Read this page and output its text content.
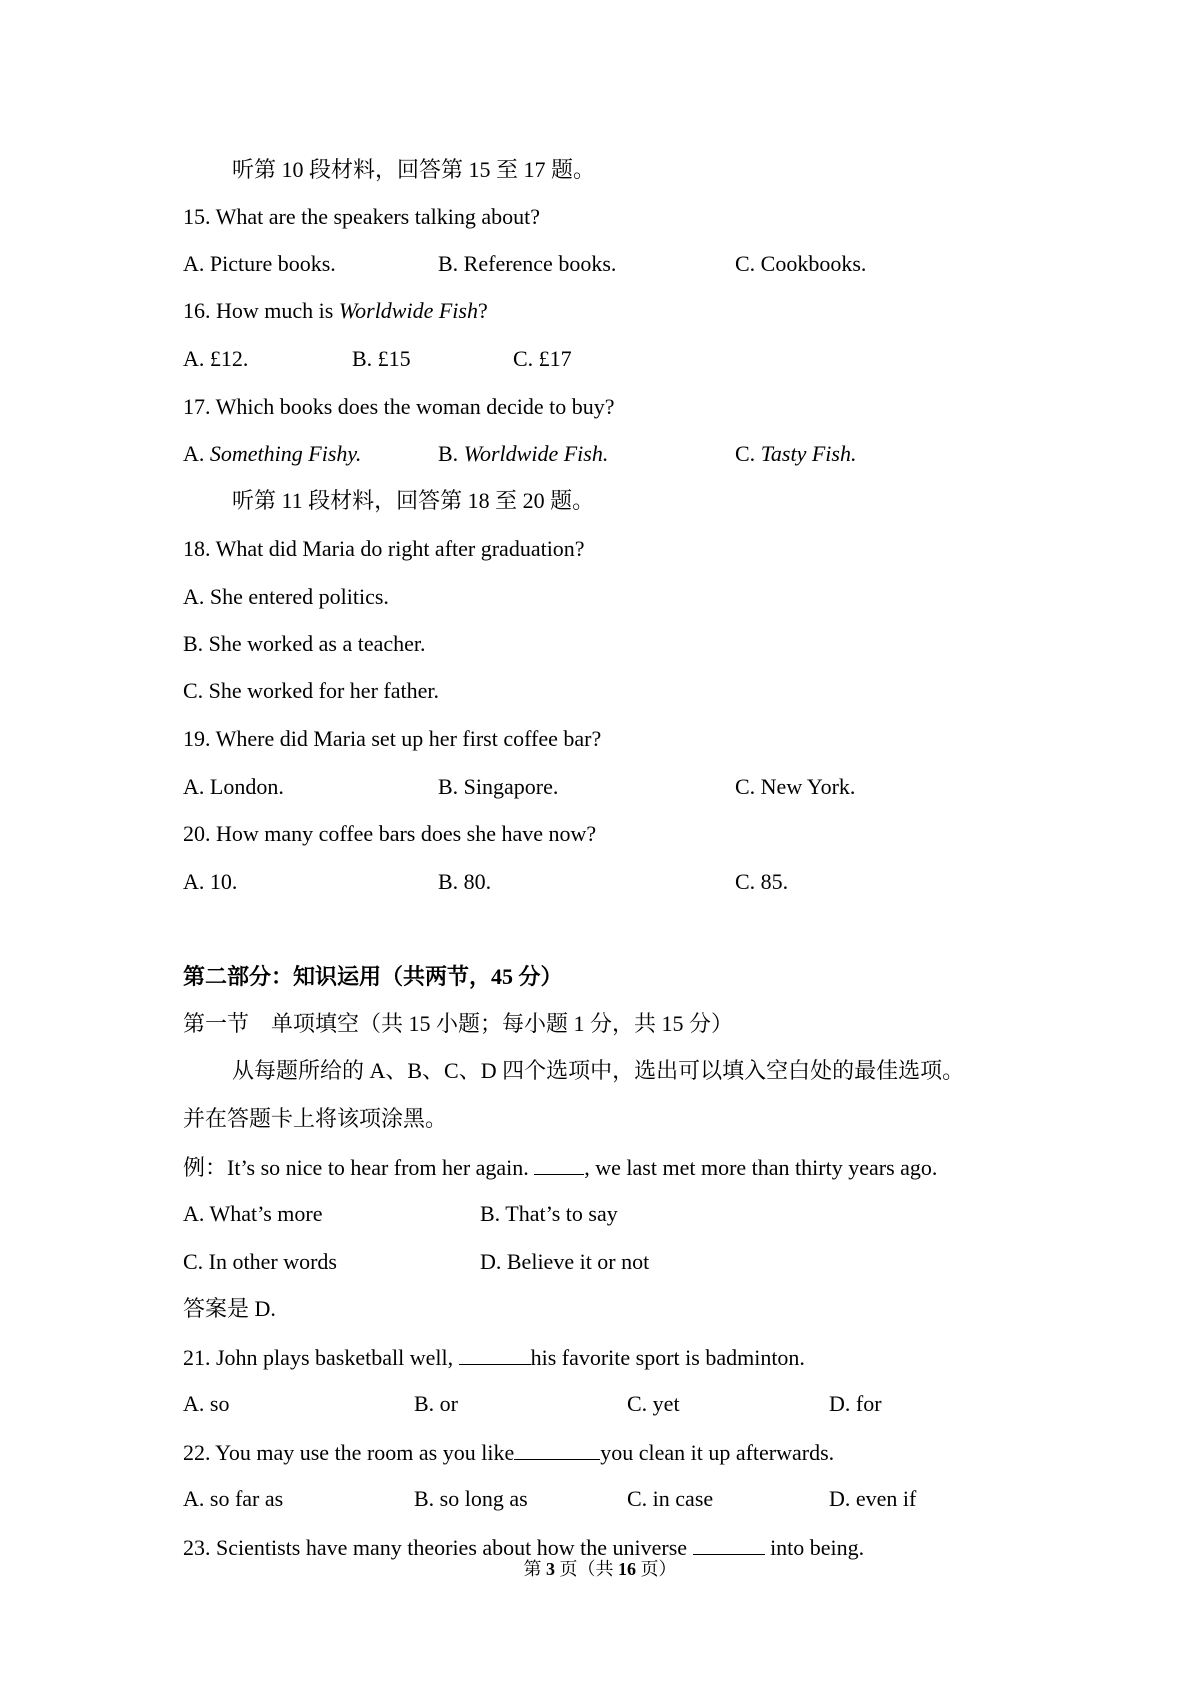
听第 10 段材料，回答第 15 至 17 题。
15. What are the speakers talking about?
A. Picture books.	B. Reference books.	C. Cookbooks.
16. How much is Worldwide Fish?
A. £12.	B. £15	C. £17
17. Which books does the woman decide to buy?
A. Something Fishy.	B. Worldwide Fish.	C. Tasty Fish.
听第 11 段材料，回答第 18 至 20 题。
18. What did Maria do right after graduation?
A. She entered politics.
B. She worked as a teacher.
C. She worked for her father.
19. Where did Maria set up her first coffee bar?
A. London.	B. Singapore.	C. New York.
20. How many coffee bars does she have now?
A. 10.	B. 80.	C. 85.
第二部分：知识运用（共两节，45 分）
第一节　单项填空（共 15 小题；每小题 1 分，共 15 分）
从每题所给的 A、B、C、D 四个选项中，选出可以填入空白处的最佳选项。
并在答题卡上将该项涂黑。
例：It’s so nice to hear from her again. , we last met more than thirty years ago.
A. What’s more	B. That’s to say
C. In other words	D. Believe it or not
答案是 D.
21. John plays basketball well,	his favorite sport is badminton.
A. so	B. or	C. yet	D. for
22. You may use the room as you like	you clean it up afterwards.
A. so far as	B. so long as	C. in case	D. even if
23. Scientists have many theories about how the universe	into being.
第 3 页（共 16 页）
